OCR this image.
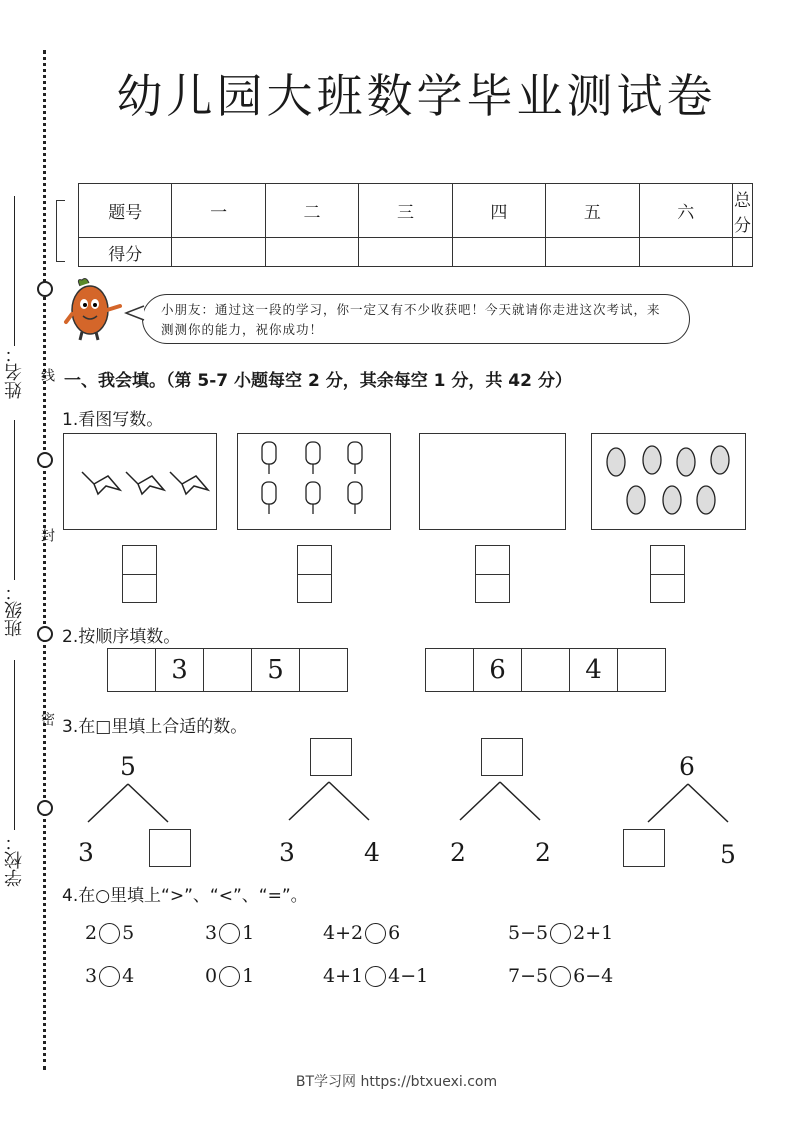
线
封
密
姓名：
班级：
学校：
幼儿园大班数学毕业测试卷
题号	一	二	三	四	五	六	总分
得分							
小朋友：通过这一段的学习，你一定又有不少收获吧！今天就请你走进这次考试，来测测你的能力，祝你成功！
一、我会填。（第 5-7 小题每空 2 分，其余每空 1 分，共 42 分）
1.看图写数。
2.按顺序填数。
3	5	6	4
3.在□里填上合适的数。
5
3	3	4	2	2
6
5
4.在○里填上“>”、“<”、“=”。
2 5	3 1	4+2 6	5−5 2+1
3 4	0 1	4+1 4−1	7−5 6−4
BT学习网 https://btxuexi.com
